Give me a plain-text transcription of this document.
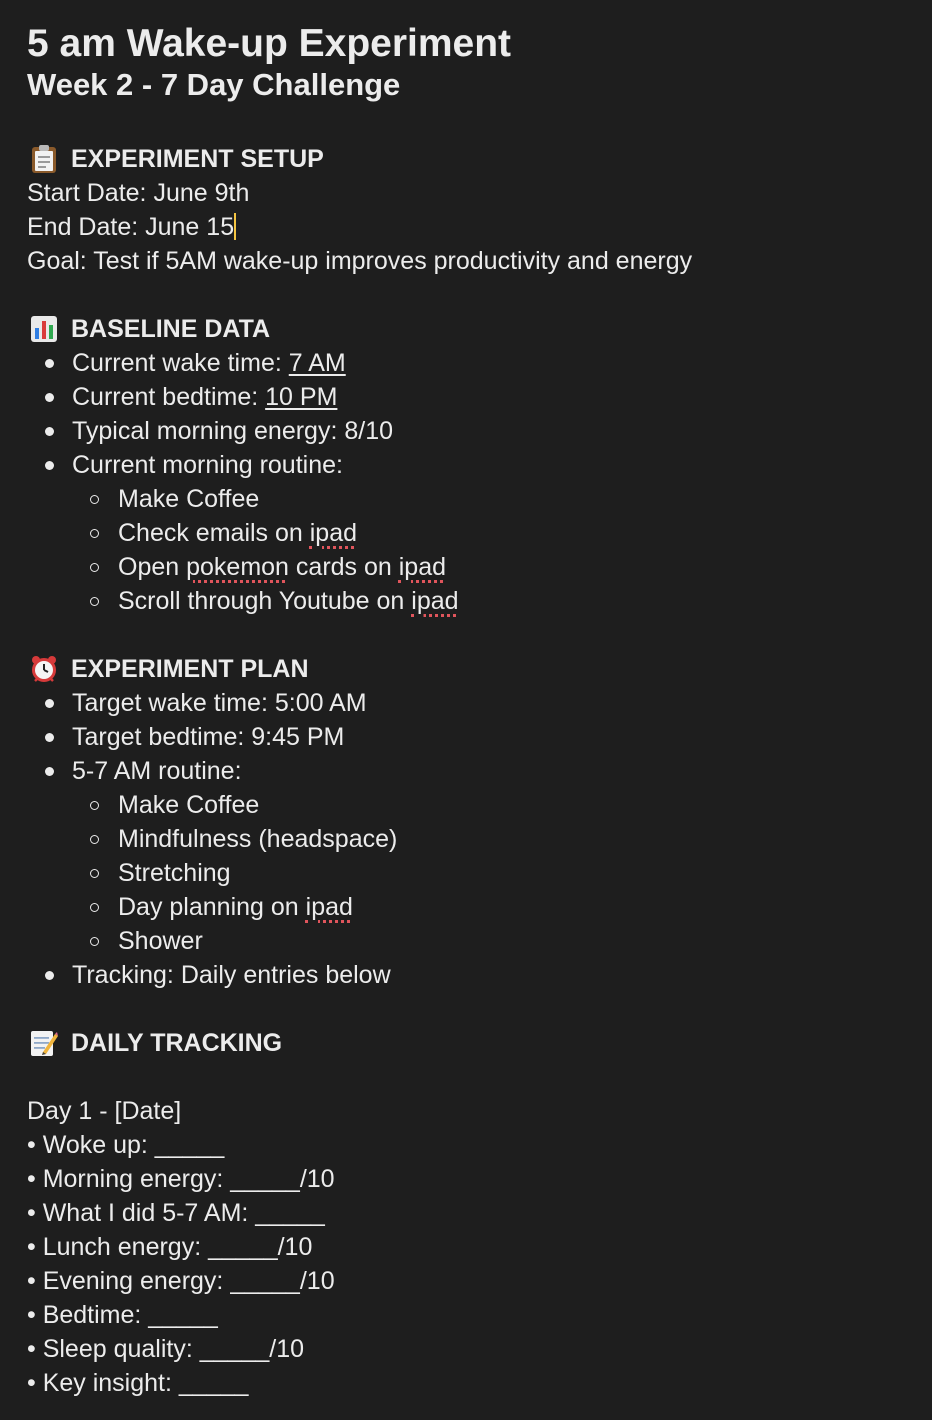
5 am Wake-up Experiment
Week 2 - 7 Day Challenge
EXPERIMENT SETUP
Start Date: June 9th
End Date: June 15
Goal: Test if 5AM wake-up improves productivity and energy
BASELINE DATA
Current wake time: 7 AM
Current bedtime: 10 PM
Typical morning energy: 8/10
Current morning routine:
Make Coffee
Check emails on ipad
Open pokemon cards on ipad
Scroll through Youtube on ipad
EXPERIMENT PLAN
Target wake time: 5:00 AM
Target bedtime: 9:45 PM
5-7 AM routine:
Make Coffee
Mindfulness (headspace)
Stretching
Day planning on ipad
Shower
Tracking: Daily entries below
DAILY TRACKING
Day 1 - [Date]
• Woke up: _____
• Morning energy: _____/10
• What I did 5-7 AM: _____
• Lunch energy: _____/10
• Evening energy: _____/10
• Bedtime: _____
• Sleep quality: _____/10
• Key insight: _____
